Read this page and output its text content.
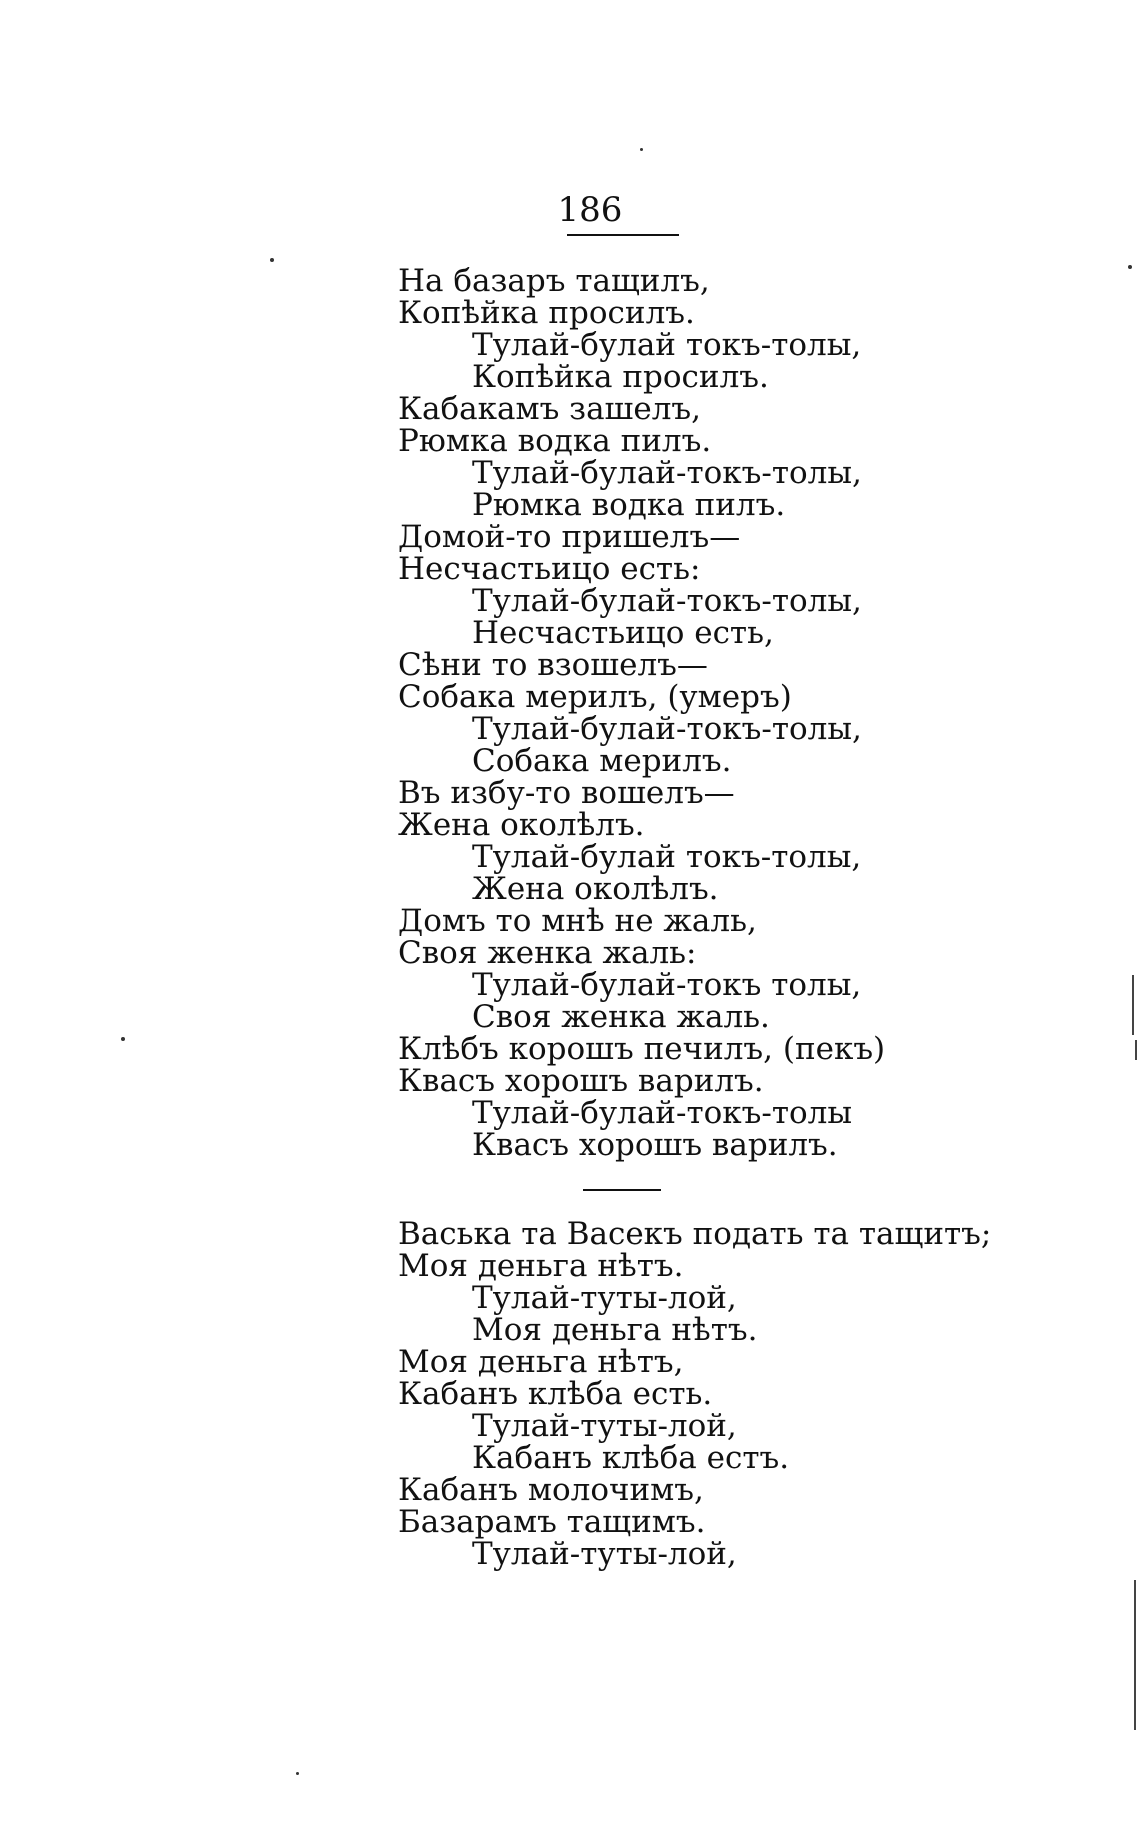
186
На базаръ тащилъ,
Копѣйка просилъ.
Тулай-булай токъ-толы,
Копѣйка просилъ.
Кабакамъ зашелъ,
Рюмка водка пилъ.
Тулай-булай-токъ-толы,
Рюмка водка пилъ.
Домой-то пришелъ—
Несчастьицо есть:
Тулай-булай-токъ-толы,
Несчастьицо есть,
Сѣни то взошелъ—
Собака мерилъ, (умеръ)
Тулай-булай-токъ-толы,
Собака мерилъ.
Въ избу-то вошелъ—
Жена околѣлъ.
Тулай-булай токъ-толы,
Жена околѣлъ.
Домъ то мнѣ не жаль,
Своя женка жаль:
Тулай-булай-токъ толы,
Своя женка жаль.
Клѣбъ корошъ печилъ, (пекъ)
Квасъ хорошъ варилъ.
Тулай-булай-токъ-толы
Квасъ хорошъ варилъ.
Васька та Васекъ подать та тащитъ;
Моя деньга нѣтъ.
Тулай-туты-лой,
Моя деньга нѣтъ.
Моя деньга нѣтъ,
Кабанъ клѣба есть.
Тулай-туты-лой,
Кабанъ клѣба естъ.
Кабанъ молочимъ,
Базарамъ тащимъ.
Тулай-туты-лой,
